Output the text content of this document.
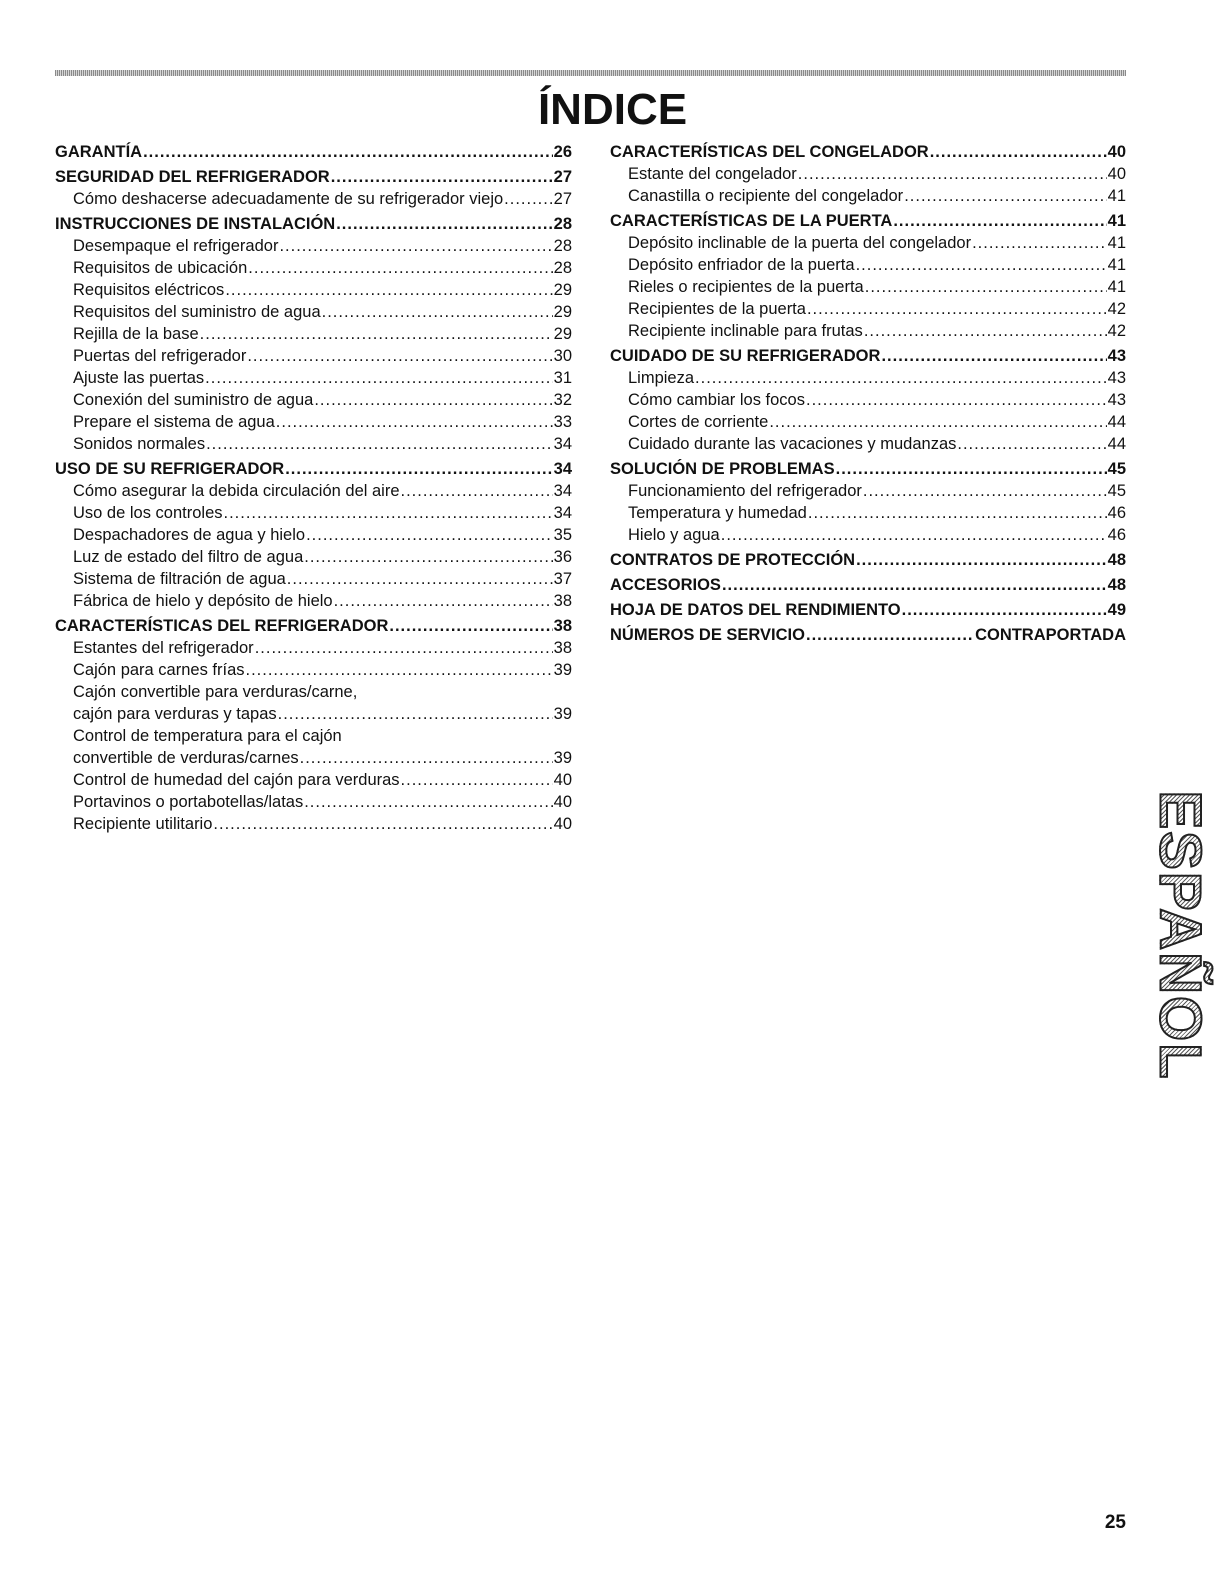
ÍNDICE
GARANTÍA .....	26
SEGURIDAD DEL REFRIGERADOR .....	27
Cómo deshacerse adecuadamente de su refrigerador viejo .....	27
INSTRUCCIONES DE INSTALACIÓN .....	28
Desempaque el refrigerador .....	28
Requisitos de ubicación .....	28
Requisitos eléctricos .....	29
Requisitos del suministro de agua .....	29
Rejilla de la base .....	29
Puertas del refrigerador .....	30
Ajuste las puertas .....	31
Conexión del suministro de agua .....	32
Prepare el sistema de agua .....	33
Sonidos normales .....	34
USO DE SU REFRIGERADOR .....	34
Cómo asegurar la debida circulación del aire .....	34
Uso de los controles .....	34
Despachadores de agua y hielo .....	35
Luz de estado del filtro de agua .....	36
Sistema de filtración de agua .....	37
Fábrica de hielo y depósito de hielo .....	38
CARACTERÍSTICAS DEL REFRIGERADOR .....	38
Estantes del refrigerador .....	38
Cajón para carnes frías .....	39
Cajón convertible para verduras/carne,
cajón para verduras y tapas .....	39
Control de temperatura para el cajón
convertible de verduras/carnes .....	39
Control de humedad del cajón para verduras .....	40
Portavinos o portabotellas/latas .....	40
Recipiente utilitario .....	40
CARACTERÍSTICAS DEL CONGELADOR .....	40
Estante del congelador .....	40
Canastilla o recipiente del congelador .....	41
CARACTERÍSTICAS DE LA PUERTA .....	41
Depósito inclinable de la puerta del congelador .....	41
Depósito enfriador de la puerta .....	41
Rieles o recipientes de la puerta .....	41
Recipientes de la puerta .....	42
Recipiente inclinable para frutas .....	42
CUIDADO DE SU REFRIGERADOR .....	43
Limpieza .....	43
Cómo cambiar los focos .....	43
Cortes de corriente .....	44
Cuidado durante las vacaciones y mudanzas .....	44
SOLUCIÓN DE PROBLEMAS .....	45
Funcionamiento del refrigerador .....	45
Temperatura y humedad .....	46
Hielo y agua .....	46
CONTRATOS DE PROTECCIÓN .....	48
ACCESORIOS .....	48
HOJA DE DATOS DEL RENDIMIENTO .....	49
NÚMEROS DE SERVICIO .....	CONTRAPORTADA
ESPAÑOL
25
